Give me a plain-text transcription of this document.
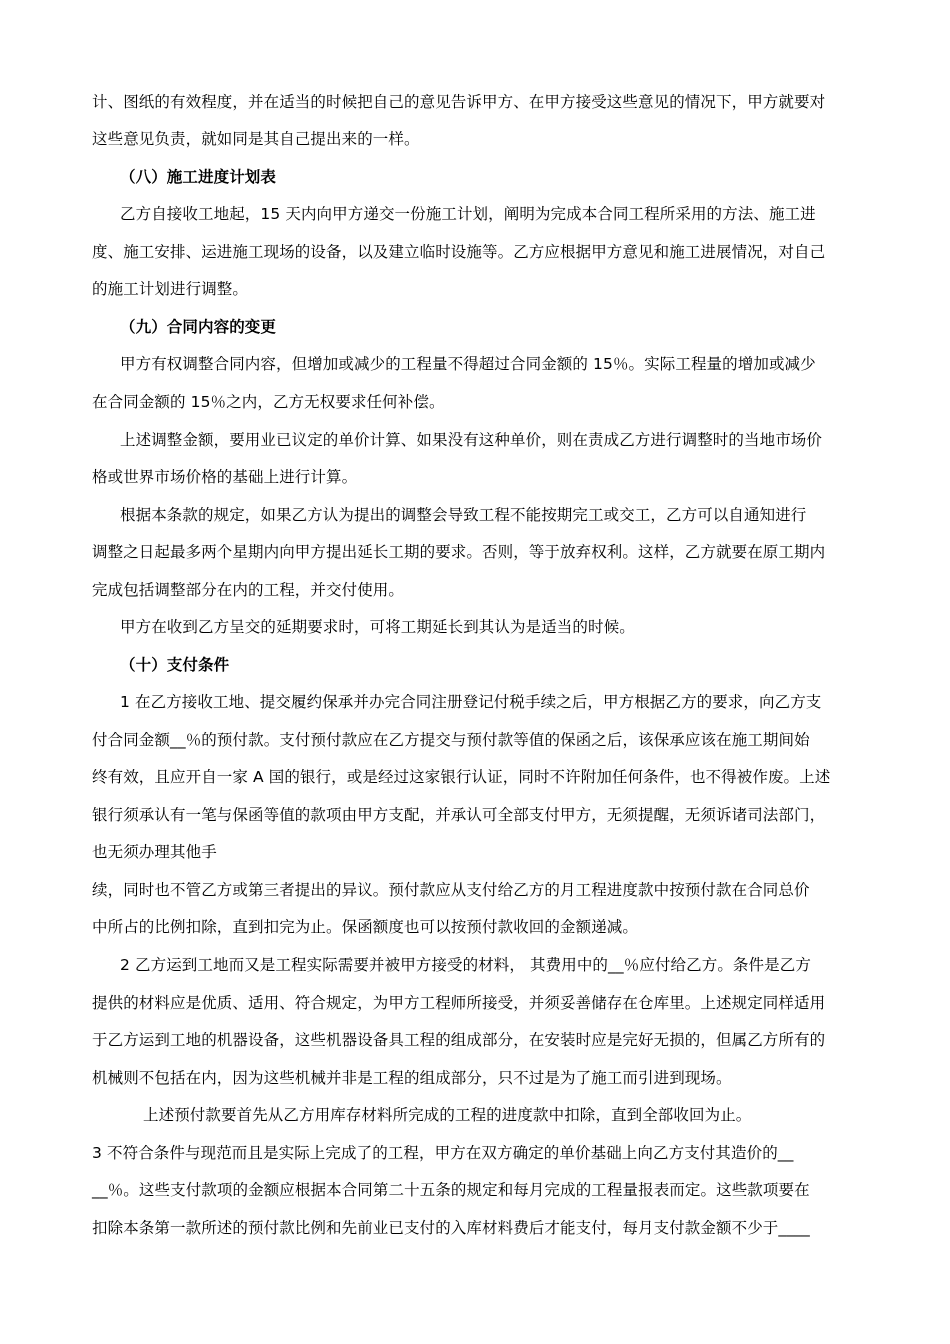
计、图纸的有效程度，并在适当的时候把自己的意见告诉甲方、在甲方接受这些意见的情况下，甲方就要对
这些意见负责，就如同是其自己提出来的一样。
（八）施工进度计划表
乙方自接收工地起，15 天内向甲方递交一份施工计划，阐明为完成本合同工程所采用的方法、施工进
度、施工安排、运进施工现场的设备，以及建立临时设施等。乙方应根据甲方意见和施工进展情况，对自己
的施工计划进行调整。
（九）合同内容的变更
甲方有权调整合同内容，但增加或减少的工程量不得超过合同金额的 15％。实际工程量的增加或减少
在合同金额的 15％之内，乙方无权要求任何补偿。
上述调整金额，要用业已议定的单价计算、如果没有这种单价，则在责成乙方进行调整时的当地市场价
格或世界市场价格的基础上进行计算。
根据本条款的规定，如果乙方认为提出的调整会导致工程不能按期完工或交工，乙方可以自通知进行
调整之日起最多两个星期内向甲方提出延长工期的要求。否则，等于放弃权利。这样，乙方就要在原工期内
完成包括调整部分在内的工程，并交付使用。
甲方在收到乙方呈交的延期要求时，可将工期延长到其认为是适当的时候。
（十）支付条件
1 在乙方接收工地、提交履约保承并办完合同注册登记付税手续之后，甲方根据乙方的要求，向乙方支
付合同金额__％的预付款。支付预付款应在乙方提交与预付款等值的保函之后，该保承应该在施工期间始
终有效，且应开自一家 A 国的银行，或是经过这家银行认证，同时不许附加任何条件，也不得被作废。上述
银行须承认有一笔与保函等值的款项由甲方支配，并承认可全部支付甲方，无须提醒，无须诉诸司法部门，
也无须办理其他手
续，同时也不管乙方或第三者提出的异议。预付款应从支付给乙方的月工程进度款中按预付款在合同总价
中所占的比例扣除，直到扣完为止。保函额度也可以按预付款收回的金额递减。
2 乙方运到工地而又是工程实际需要并被甲方接受的材料， 其费用中的__％应付给乙方。条件是乙方
提供的材料应是优质、适用、符合规定，为甲方工程师所接受，并须妥善储存在仓库里。上述规定同样适用
于乙方运到工地的机器设备，这些机器设备具工程的组成部分，在安装时应是完好无损的，但属乙方所有的
机械则不包括在内，因为这些机械并非是工程的组成部分，只不过是为了施工而引进到现场。
上述预付款要首先从乙方用库存材料所完成的工程的进度款中扣除，直到全部收回为止。
3 不符合条件与现范而且是实际上完成了的工程，甲方在双方确定的单价基础上向乙方支付其造价的__
__％。这些支付款项的金额应根据本合同第二十五条的规定和每月完成的工程量报表而定。这些款项要在
扣除本条第一款所述的预付款比例和先前业已支付的入库材料费后才能支付，每月支付款金额不少于____
